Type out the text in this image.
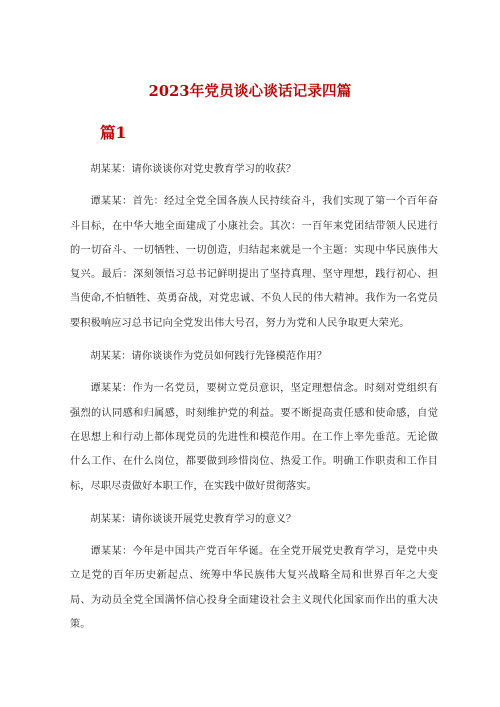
2023年党员谈心谈话记录四篇
篇1

胡某某：请你谈谈你对党史教育学习的收获？

谭某某：首先：经过全党全国各族人民持续奋斗，我们实现了第一个百年奋斗目标，在中华大地全面建成了小康社会。其次：一百年来党团结带领人民进行的一切奋斗、一切牺牲、一切创造，归结起来就是一个主题：实现中华民族伟大复兴。最后：深刻领悟习总书记鲜明提出了坚持真理、坚守理想，践行初心、担当使命,不怕牺牲、英勇奋战，对党忠诚、不负人民的伟大精神。我作为一名党员要积极响应习总书记向全党发出伟大号召，努力为党和人民争取更大荣光。

胡某某：请你谈谈作为党员如何践行先锋模范作用？

谭某某：作为一名党员，要树立党员意识，坚定理想信念。时刻对党组织有强烈的认同感和归属感，时刻维护党的利益。要不断提高责任感和使命感，自觉在思想上和行动上都体现党员的先进性和模范作用。在工作上率先垂范。无论做什么工作、在什么岗位，都要做到珍惜岗位、热爱工作。明确工作职责和工作目标，尽职尽责做好本职工作，在实践中做好贯彻落实。

胡某某：请你谈谈开展党史教育学习的意义？

谭某某：今年是中国共产党百年华诞。在全党开展党史教育学习，是党中央立足党的百年历史新起点、统筹中华民族伟大复兴战略全局和世界百年之大变局、为动员全党全国满怀信心投身全面建设社会主义现代化国家而作出的重大决策。
